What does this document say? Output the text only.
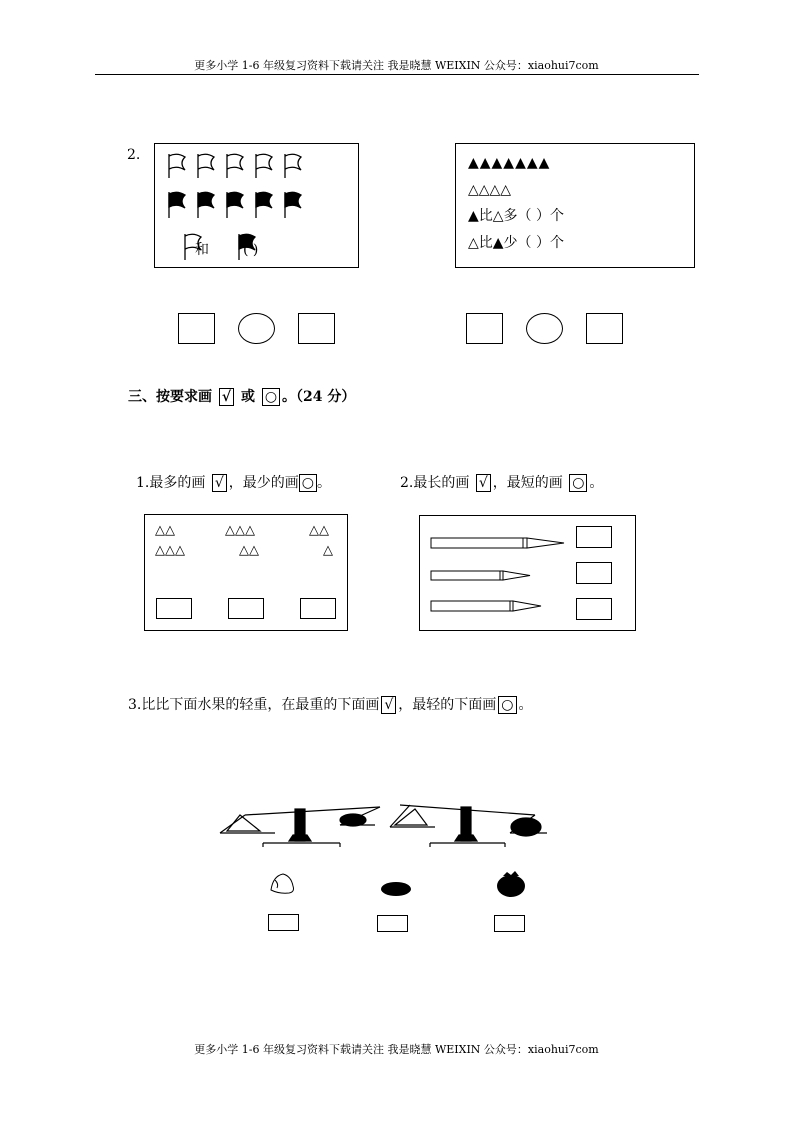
更多小学 1-6 年级复习资料下载请关注 我是晓慧 WEIXIN 公众号：xiaohui7com
2.
和 ( )
▲▲▲▲▲▲▲
△△△△
▲比△多（ ）个
△比▲少（ ）个
三、按要求画 √ 或 ○ 。（24 分）
1.最多的画 √ ，最少的画 ○ 。	2.最长的画 √ ，最短的画 ○ 。
△△	△△△	△△
△△△	△△	△
3.比比下面水果的轻重，在最重的下面画 √ ，最轻的下面画 ○ 。
更多小学 1-6 年级复习资料下载请关注 我是晓慧 WEIXIN 公众号：xiaohui7com
